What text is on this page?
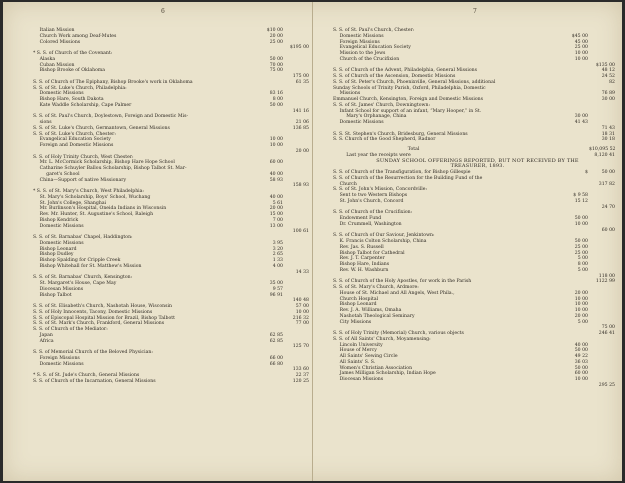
6
Italian Mission	$10 00
Church Work among Deaf-Mutes	20 00
Colored Missions	25 00
$195 00
* S. S. of Church of the Covenant:
Alaska	50 00
Cuban Mission	70 00
Bishop Brooke of Oklahoma	75 00
175 00
S. S. of Church of The Epiphany, Bishop Brooke's work in Oklahoma	61 35
S. S. of St. Luke's Church, Philadelphia:
Domestic Missions	83 16
Bishop Hare, South Dakota	8 00
Kate Waddle Scholarship, Cape Palmer	50 00
141 16
S. S. of St. Paul's Church, Doylestown, Foreign and Domestic Mis-
sions	21 06
S. S. of St. Luke's Church, Germantown, General Missions	136 85
S. S. of St. Luke's Church, Chester:
Evangelical Education Society	10 00
Foreign and Domestic Missions	10 00
20 00
S. S. of Holy Trinity Church, West Chester:
Mr. L. McCormick Scholarship, Bishop Hare Hope School	60 00
Catharine Schuyler Ballou Scholarship, Bishop Talbot St. Mar-
garet's School	40 00
China—Support of native Missionary	58 93
158 93
* S. S. of St. Mary's Church, West Philadelphia:
St. Mary's Scholarship, Boys' School, Wuchang	40 00
St. John's College, Shanghai	5 61
Mr. Burlinson's Hospital, Oneida Indians in Wisconsin	20 00
Rev. Mr. Hunter, St. Augustine's School, Raleigh	15 00
Bishop Kendrick	7 00
Domestic Missions	13 00
100 61
S. S. of St. Barnabas' Chapel, Haddington:
Domestic Missions	3 95
Bishop Leonard	3 20
Bishop Dudley	2 65
Bishop Spalding for Cripple Creek	1 33
Bishop Whitehall for St. Matthew's Mission	4 00
14 33
S. S. of St. Barnabas' Church, Kensington:
St. Margaret's House, Cape May	35 00
Diocesan Missions	9 57
Bishop Talbot	96 91
140 48
S. S. of St. Elisabeth's Church, Nashotah House, Wisconsin	57 00
S. S. of Holy Innocents, Tacony, Domestic Missions	10 00
S. S. of Episcopal Hospital Mission for Brazil, Bishop Talbott	216 32
S. S. of St. Mark's Church, Frankford, General Missions	77 00
S. S. of Church of the Mediator:
Japan	62 85
Africa	62 85
125 70
S. S. of Memorial Church of the Beloved Physician:
Foreign Missions	66 00
Domestic Missions	66 80
133 60
* S. S. of St. Jude's Church, General Missions	22 37
S. S. of Church of the Incarnation, General Missions	120 25
7
S. S. of St. Paul's Church, Chester:
Domestic Missions	$45 00
Foreign Missions	45 00
Evangelical Education Society	25 00
Mission to the Jews	10 00
Church of the Crucifixion	10 00
$135 00
S. S. of Church of the Advent, Philadelphia, General Missions	48 12
S. S. of Church of the Ascension, Domestic Missions	24 52
S. S. of St. Peter's Church, Phoenixville, General Missions, additional	82
Sunday Schools of Trinity Parish, Oxford, Philadelphia, Domestic
Missions	76 89
Emmanuel Church, Kensington, Foreign and Domestic Missions	30 00
S. S. of St. James' Church, Downingtown:
Infant School for support of an infant, “Mary Hooper,” in St.
Mary's Orphanage, China	30 00
Domestic Missions	41 43
71 43
S. S. St. Stephen's Church, Bridesburg, General Missions	18 31
S. S. Church of the Good Shepherd, Radnor	30 18
Total	$10,095 52
Last year the receipts were	8,120 41
SUNDAY SCHOOL OFFERINGS REPORTED, BUT NOT RECEIVED BY THE
TREASURER, 1893.
S. S. of Church of the Transfiguration, for Bishop Gillespie	$	50 00
S. S. of Church of the Resurrection for the Building Fund of the
Church	317 82
S. S. of St. John's Mission, Concordville:
Sent to two Western Bishops	$ 9 58
St. John's Church, Concord	15 12
24 70
S. S. of Church of the Crucifixion:
Endowment Fund	50 00
Dr. Crummell, Washington	10 00
60 00
S. S. of Church of Our Saviour, Jenkintown:
K. Francis Colton Scholarship, China	50 00
Rev. Jas. S. Russell	25 00
Bishop Talbot for Cathedral	25 00
Rev. J. T. Carpenter	5 00
Bishop Hare, Indians	8 00
Rev. W. H. Washburn	5 00
118 00
S. S. of Church of the Holy Apostles, for work in the Parish	1122 99
S. S. of St. Mary's Church, Ardmore:
House of St. Michael and All Angels, West Phila.,	20 00
Church Hospital	10 00
Bishop Leonard	10 00
Rev. J. A. Williams, Omaha	10 00
Nashotah Theological Seminary	20 00
City Missions	5 00
75 00
S. S. of Holy Trinity (Memorial) Church, various objects	246 41
S. S. of All Saints' Church, Moyamensing:
Lincoln University	40 00
House of Mercy	50 00
All Saints' Sewing Circle	49 22
All Saints' S. S.	36 03
Women's Christian Association	50 00
James Milligan Scholarship, Indian Hope	60 00
Diocesan Missions	10 00
295 25
